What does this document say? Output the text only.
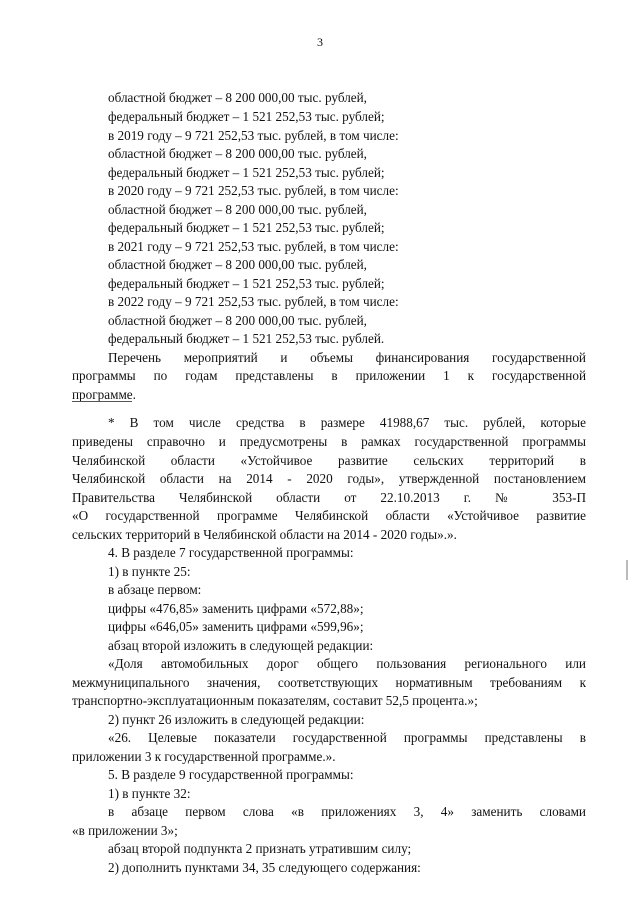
3
областной бюджет – 8 200 000,00 тыс. рублей,
федеральный бюджет – 1 521 252,53 тыс. рублей;
в 2019 году – 9 721 252,53 тыс. рублей, в том числе:
областной бюджет – 8 200 000,00 тыс. рублей,
федеральный бюджет – 1 521 252,53 тыс. рублей;
в 2020 году – 9 721 252,53 тыс. рублей, в том числе:
областной бюджет – 8 200 000,00 тыс. рублей,
федеральный бюджет – 1 521 252,53 тыс. рублей;
в 2021 году – 9 721 252,53 тыс. рублей, в том числе:
областной бюджет – 8 200 000,00 тыс. рублей,
федеральный бюджет – 1 521 252,53 тыс. рублей;
в 2022 году – 9 721 252,53 тыс. рублей, в том числе:
областной бюджет – 8 200 000,00 тыс. рублей,
федеральный бюджет – 1 521 252,53 тыс. рублей.
Перечень мероприятий и объемы финансирования государственной
программы по годам представлены в приложении 1 к государственной
программе.
* В том числе средства в размере 41988,67 тыс. рублей, которые
приведены справочно и предусмотрены в рамках государственной программы
Челябинской области «Устойчивое развитие сельских территорий в
Челябинской области на 2014 - 2020 годы», утвержденной постановлением
Правительства Челябинской области от 22.10.2013 г. № 353-П
«О государственной программе Челябинской области «Устойчивое развитие
сельских территорий в Челябинской области на 2014 - 2020 годы».».
4. В разделе 7 государственной программы:
1) в пункте 25:
в абзаце первом:
цифры «476,85» заменить цифрами «572,88»;
цифры «646,05» заменить цифрами «599,96»;
абзац второй изложить в следующей редакции:
«Доля автомобильных дорог общего пользования регионального или
межмуниципального значения, соответствующих нормативным требованиям к
транспортно-эксплуатационным показателям, составит 52,5 процента.»;
2) пункт 26 изложить в следующей редакции:
«26. Целевые показатели государственной программы представлены в
приложении 3 к государственной программе.».
5. В разделе 9 государственной программы:
1) в пункте 32:
в абзаце первом слова «в приложениях 3, 4» заменить словами
«в приложении 3»;
абзац второй подпункта 2 признать утратившим силу;
2) дополнить пунктами 34, 35 следующего содержания:
